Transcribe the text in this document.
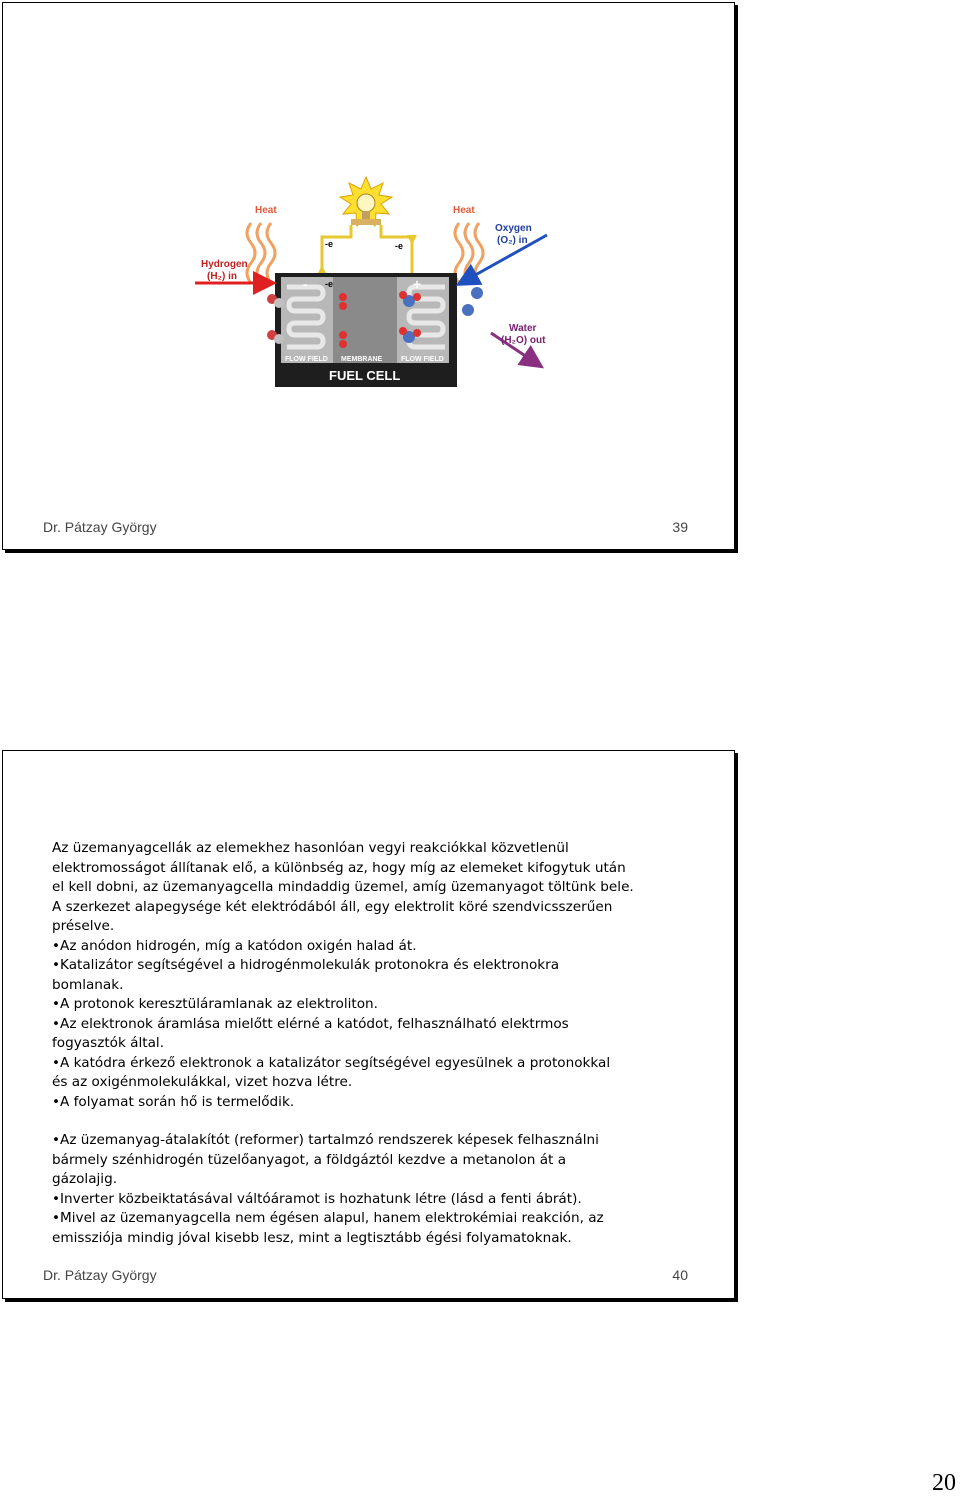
Heat	Heat
Oxygen
(O₂) in
Hydrogen
(H₂) in
Water
(H₂O) out
-e	-e
-e
-	+
FLOW FIELD MEMBRANE	FLOW FIELD
FUEL CELL
Dr. Pátzay György	39

Az üzemanyagcellák az elemekhez hasonlóan vegyi reakciókkal közvetlenül

elektromosságot állítanak elő, a különbség az, hogy míg az elemeket kifogytuk után

el kell dobni, az üzemanyagcella mindaddig üzemel, amíg üzemanyagot töltünk bele.

A szerkezet alapegysége két elektródából áll, egy elektrolit köré szendvicsszerűen

préselve.

•Az anódon hidrogén, míg a katódon oxigén halad át.

•Katalizátor segítségével a hidrogénmolekulák protonokra és elektronokra

bomlanak.

•A protonok keresztüláramlanak az elektroliton.

•Az elektronok áramlása mielőtt elérné a katódot, felhasználható elektrmos

fogyasztók által.

•A katódra érkező elektronok a katalizátor segítségével egyesülnek a protonokkal

és az oxigénmolekulákkal, vizet hozva létre.

•A folyamat során hő is termelődik.

•Az üzemanyag-átalakítót (reformer) tartalmzó rendszerek képesek felhasználni

bármely szénhidrogén tüzelőanyagot, a földgáztól kezdve a metanolon át a

gázolajig.

•Inverter közbeiktatásával váltóáramot is hozhatunk létre (lásd a fenti ábrát).

•Mivel az üzemanyagcella nem égésen alapul, hanem elektrokémiai reakción, az

emissziója mindig jóval kisebb lesz, mint a legtisztább égési folyamatoknak.

Dr. Pátzay György	40
20
